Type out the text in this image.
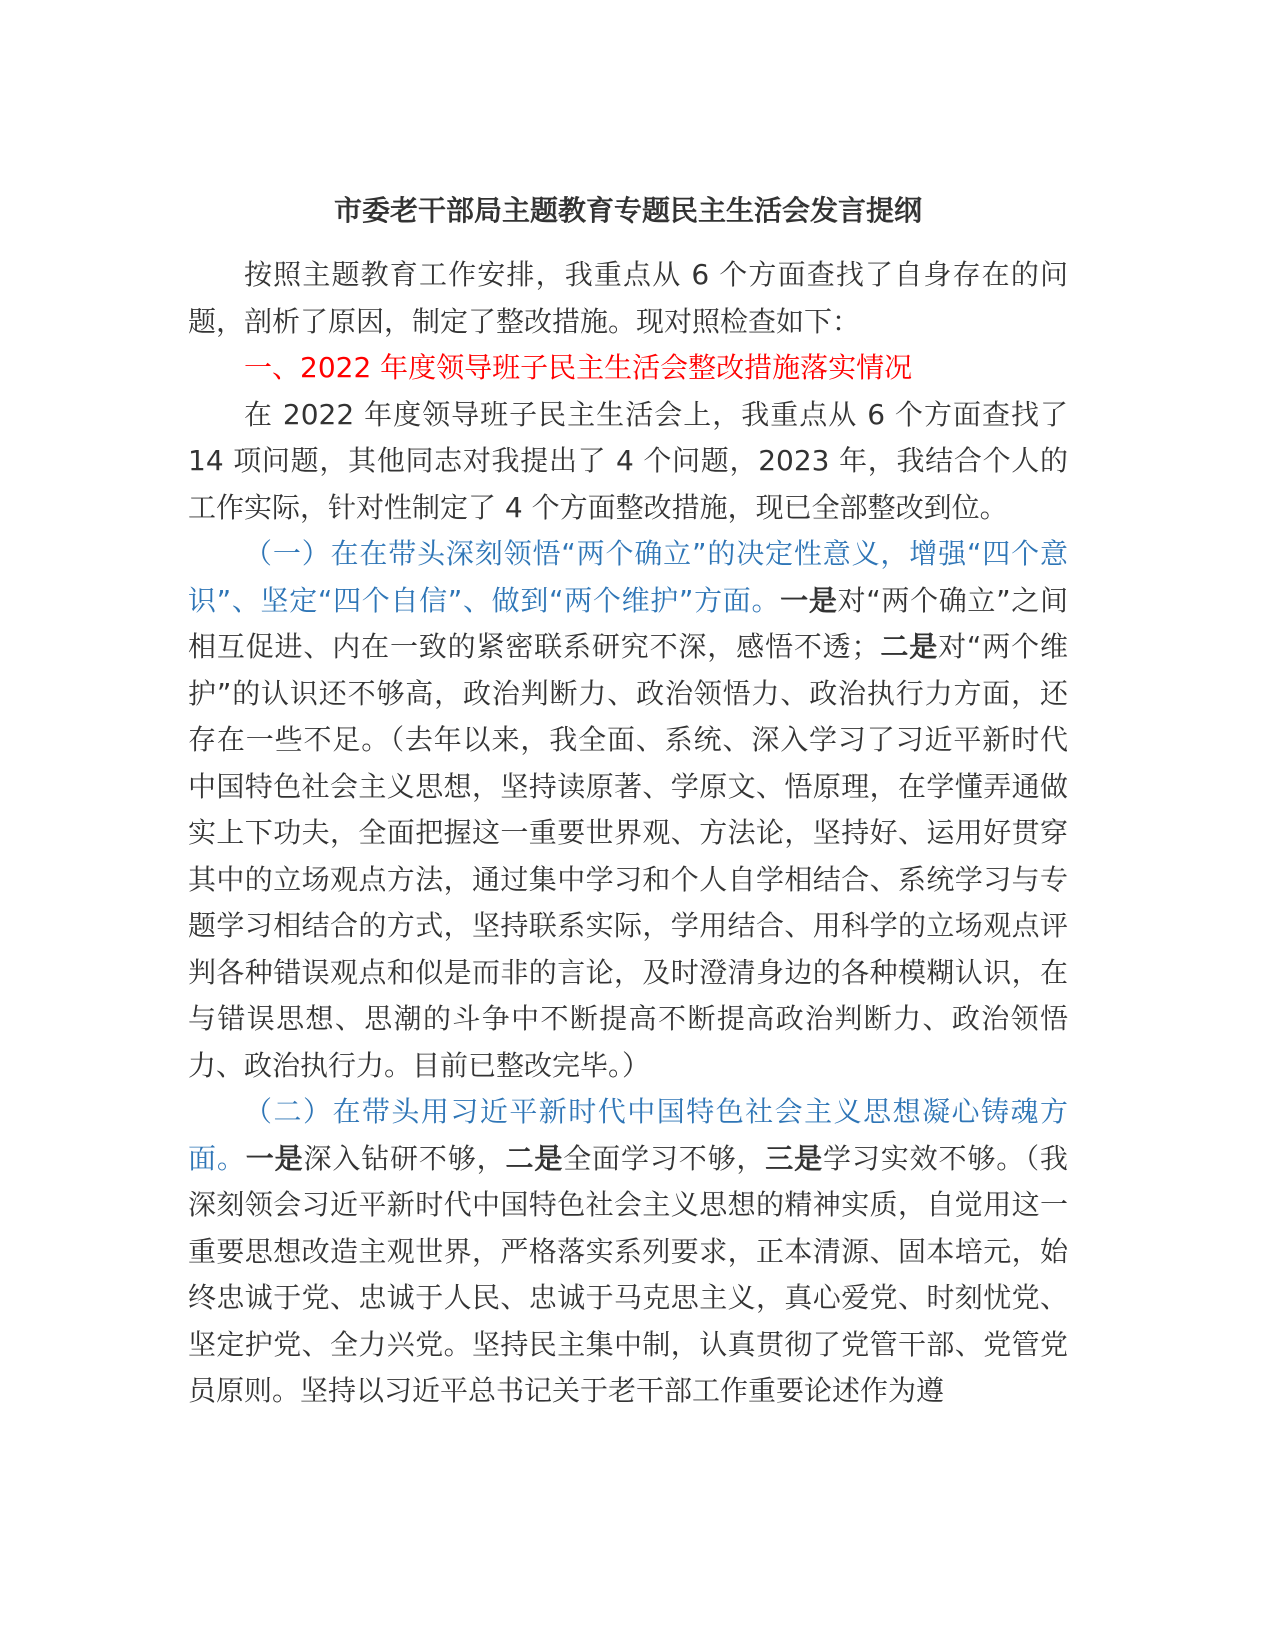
市委老干部局主题教育专题民主生活会发言提纲

按照主题教育工作安排，我重点从 6 个方面查找了自身存在的问题，剖析了原因，制定了整改措施。现对照检查如下：

一、2022 年度领导班子民主生活会整改措施落实情况

在 2022 年度领导班子民主生活会上，我重点从 6 个方面查找了 14 项问题，其他同志对我提出了 4 个问题，2023 年，我结合个人的工作实际，针对性制定了 4 个方面整改措施，现已全部整改到位。

（一）在在带头深刻领悟“两个确立”的决定性意义，增强“四个意识”、坚定“四个自信”、做到“两个维护”方面。一是对“两个确立”之间相互促进、内在一致的紧密联系研究不深，感悟不透；二是对“两个维护”的认识还不够高，政治判断力、政治领悟力、政治执行力方面，还存在一些不足。（去年以来，我全面、系统、深入学习了习近平新时代中国特色社会主义思想，坚持读原著、学原文、悟原理，在学懂弄通做实上下功夫，全面把握这一重要世界观、方法论，坚持好、运用好贯穿其中的立场观点方法，通过集中学习和个人自学相结合、系统学习与专题学习相结合的方式，坚持联系实际，学用结合、用科学的立场观点评判各种错误观点和似是而非的言论，及时澄清身边的各种模糊认识，在与错误思想、思潮的斗争中不断提高不断提高政治判断力、政治领悟力、政治执行力。目前已整改完毕。）

（二）在带头用习近平新时代中国特色社会主义思想凝心铸魂方面。一是深入钻研不够，二是全面学习不够，三是学习实效不够。（我深刻领会习近平新时代中国特色社会主义思想的精神实质，自觉用这一重要思想改造主观世界，严格落实系列要求，正本清源、固本培元，始终忠诚于党、忠诚于人民、忠诚于马克思主义，真心爱党、时刻忧党、坚定护党、全力兴党。坚持民主集中制，认真贯彻了党管干部、党管党员原则。坚持以习近平总书记关于老干部工作重要论述作为遵
